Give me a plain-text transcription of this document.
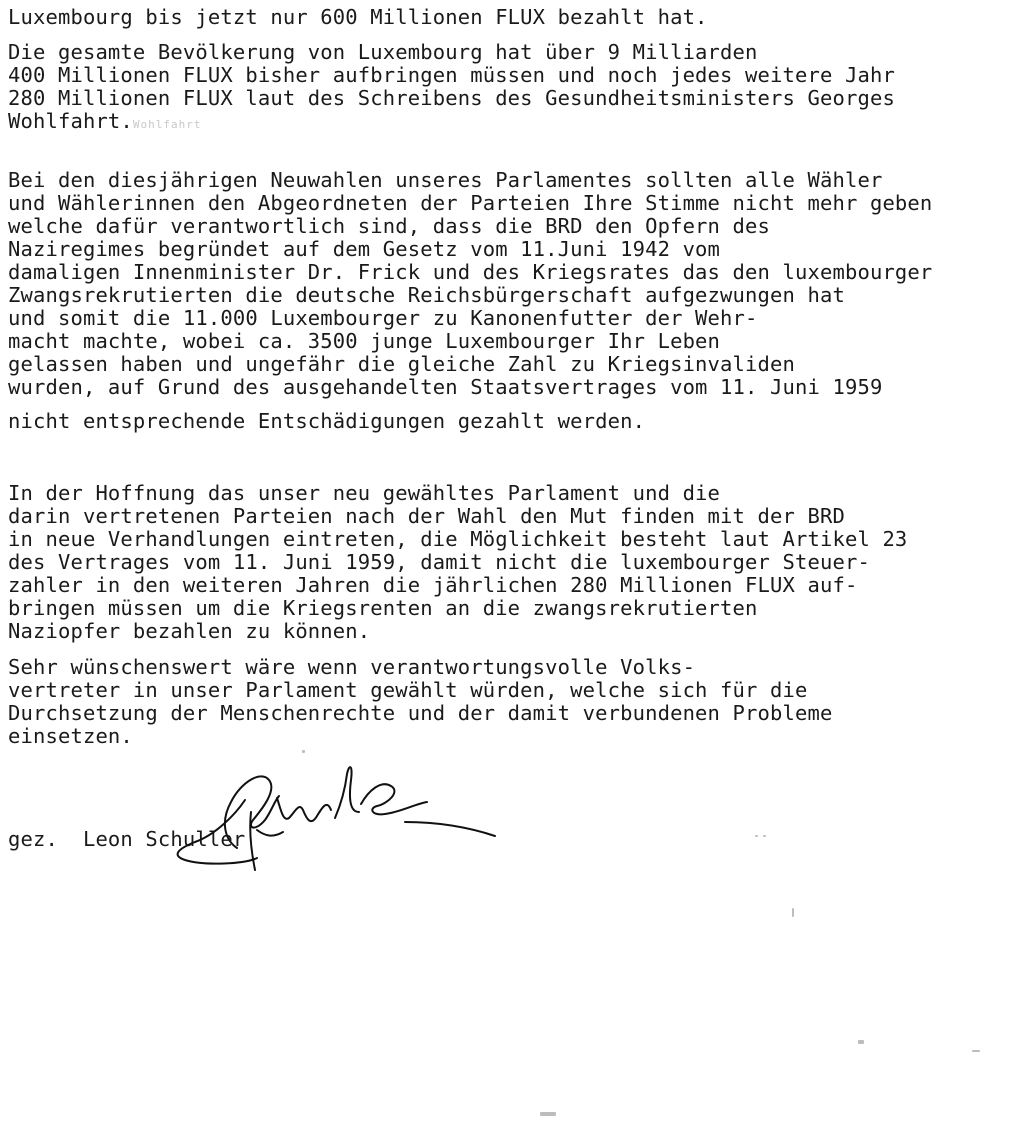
Luxembourg bis jetzt nur 600 Millionen FLUX bezahlt hat.
Die gesamte Bevölkerung von Luxembourg hat über 9 Milliarden
400 Millionen FLUX bisher aufbringen müssen und noch jedes weitere Jahr
280 Millionen FLUX laut des Schreibens des Gesundheitsministers Georges
Wohlfahrt.Wohlfahrt
Bei den diesjährigen Neuwahlen unseres Parlamentes sollten alle Wähler
und Wählerinnen den Abgeordneten der Parteien Ihre Stimme nicht mehr geben
welche dafür verantwortlich sind, dass die BRD den Opfern des
Naziregimes begründet auf dem Gesetz vom 11.Juni 1942 vom
damaligen Innenminister Dr. Frick und des Kriegsrates das den luxembourger
Zwangsrekrutierten die deutsche Reichsbürgerschaft aufgezwungen hat
und somit die 11.000 Luxembourger zu Kanonenfutter der Wehr-
macht machte, wobei ca. 3500 junge Luxembourger Ihr Leben
gelassen haben und ungefähr die gleiche Zahl zu Kriegsinvaliden
wurden, auf Grund des ausgehandelten Staatsvertrages vom 11. Juni 1959
nicht entsprechende Entschädigungen gezahlt werden.
In der Hoffnung das unser neu gewähltes Parlament und die
darin vertretenen Parteien nach der Wahl den Mut finden mit der BRD
in neue Verhandlungen eintreten, die Möglichkeit besteht laut Artikel 23
des Vertrages vom 11. Juni 1959, damit nicht die luxembourger Steuer-
zahler in den weiteren Jahren die jährlichen 280 Millionen FLUX auf-
bringen müssen um die Kriegsrenten an die zwangsrekrutierten
Naziopfer bezahlen zu können.
Sehr wünschenswert wäre wenn verantwortungsvolle Volks-
vertreter in unser Parlament gewählt würden, welche sich für die
Durchsetzung der Menschenrechte und der damit verbundenen Probleme
einsetzen.
gez.  Leon Schuller
